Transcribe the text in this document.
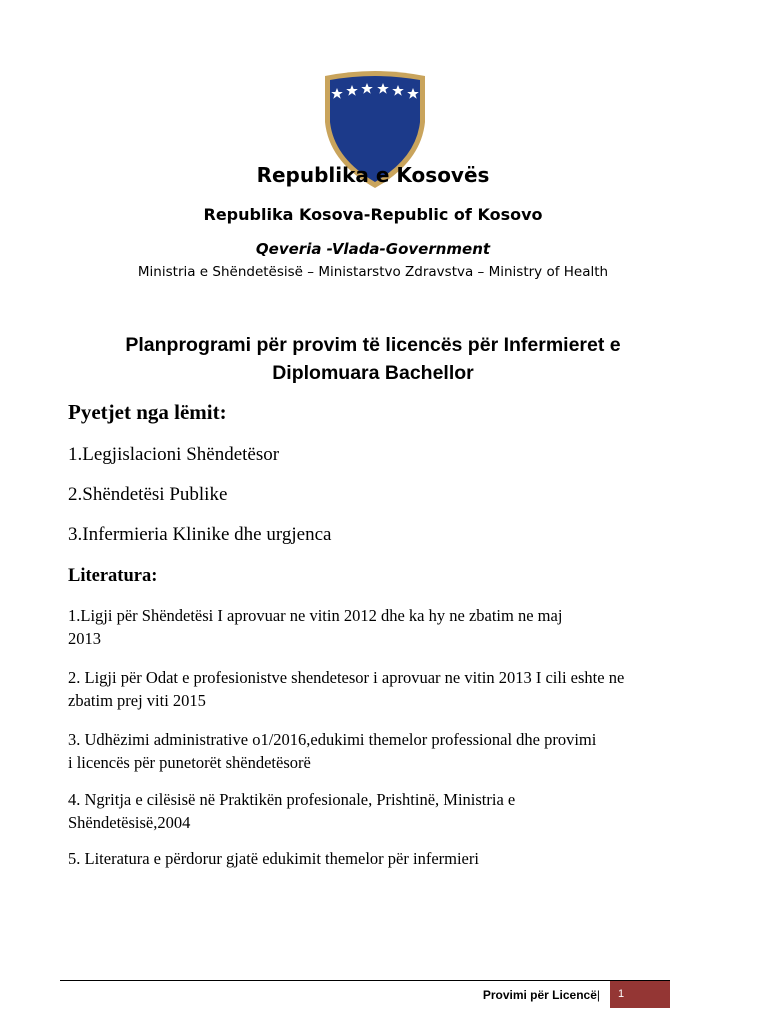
Republika e Kosovës
Republika Kosova-Republic of Kosovo
Qeveria -Vlada-Government
Ministria e Shëndetësisë – Ministarstvo Zdravstva – Ministry of Health
Planprogrami për provim të licencës për Infermieret e Diplomuara Bachellor
Pyetjet nga lëmit:
1.Legjislacioni Shëndetësor
2.Shëndetësi Publike
3.Infermieria Klinike dhe urgjenca
Literatura:
1.Ligji për Shëndetësi I aprovuar ne vitin 2012 dhe ka hy ne zbatim ne maj
2013
2. Ligji për Odat e profesionistve shendetesor i aprovuar ne vitin 2013 I cili eshte ne
zbatim prej viti 2015
3. Udhëzimi administrative o1/2016,edukimi themelor professional dhe provimi
i licencës për punetorët shëndetësorë
4. Ngritja e cilësisë në Praktikën profesionale, Prishtinë, Ministria e
Shëndetësisë,2004
5. Literatura e përdorur gjatë edukimit themelor për infermieri
Provimi për Licencë| 1
